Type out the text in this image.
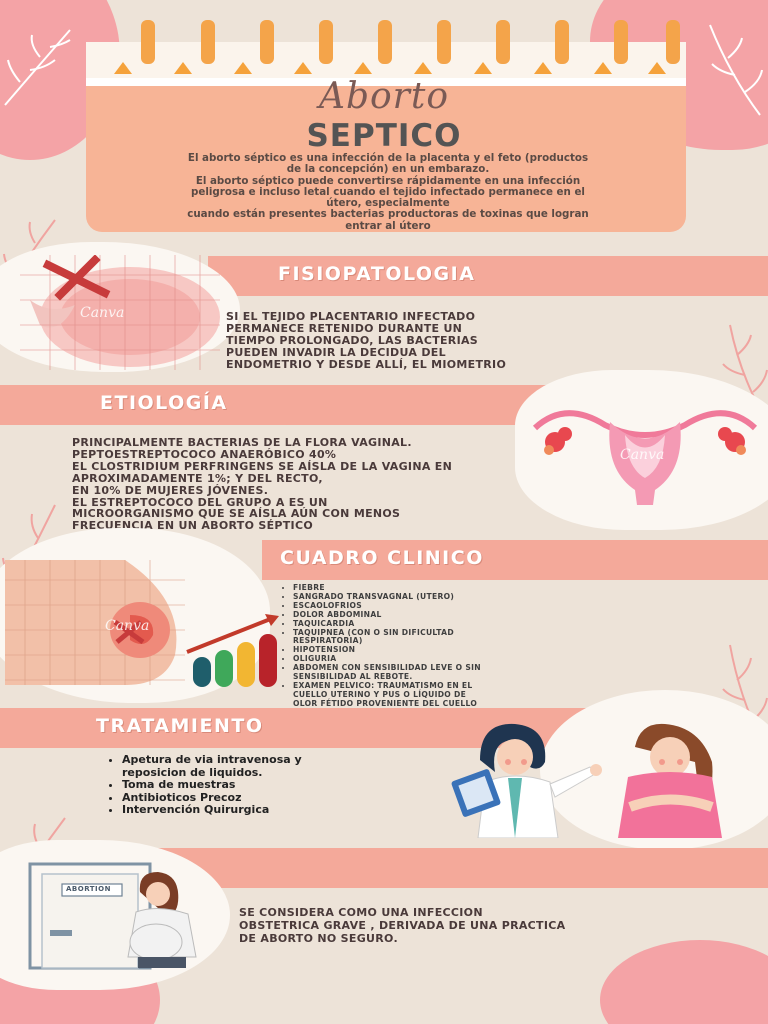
Aborto
SEPTICO
El aborto séptico es una infección de la placenta y el feto (productos
de la concepción) en un embarazo.
El aborto séptico puede convertirse rápidamente en una infección
peligrosa e incluso letal cuando el tejido infectado permanece en el
útero, especialmente
cuando están presentes bacterias productoras de toxinas que logran
entrar al útero
Canva
FISIOPATOLOGIA
SI EL TEJIDO PLACENTARIO INFECTADO
PERMANECE RETENIDO DURANTE UN
TIEMPO PROLONGADO, LAS BACTERIAS
PUEDEN INVADIR LA DECIDUA DEL
ENDOMETRIO Y DESDE ALLÍ, EL MIOMETRIO
ETIOLOGÍA
Canva
PRINCIPALMENTE BACTERIAS DE LA FLORA VAGINAL.
PEPTOESTREPTOCOCO ANAERÓBICO 40%
EL CLOSTRIDIUM PERFRINGENS SE AÍSLA DE LA VAGINA EN
APROXIMADAMENTE 1%; Y DEL RECTO,
EN 10% DE MUJERES JÓVENES.
EL ESTREPTOCOCO DEL GRUPO A ES UN
MICROORGANISMO QUE SE AÍSLA AÚN CON MENOS
FRECUENCIA EN UN ABORTO SÉPTICO
CUADRO CLINICO
Canva
• FIEBRE
• SANGRADO TRANSVAGNAL (UTERO)
• ESCAOLOFRIOS
• DOLOR ABDOMINAL
• TAQUICARDIA
• TAQUIPNEA (CON O SIN DIFICULTAD RESPIRATORIA)
• HIPOTENSION
• OLIGURIA
• ABDOMEN CON SENSIBILIDAD LEVE O SIN SENSIBILIDAD AL REBOTE.
• EXAMEN PELVICO: TRAUMATISMO EN EL CUELLO UTERINO Y PUS O LÍQUIDO DE OLOR FÉTIDO PROVENIENTE DEL CUELLO
TRATAMIENTO
• Apeturа de via intravenosa y reposicion de liquidos.
• Toma de muestras
• Antibioticos Precoz
• Intervención Quirurgica
ABORTION
SE CONSIDERA COMO UNA INFECCION
OBSTETRICA GRAVE , DERIVADA DE UNA PRACTICA
DE ABORTO NO SEGURO.
